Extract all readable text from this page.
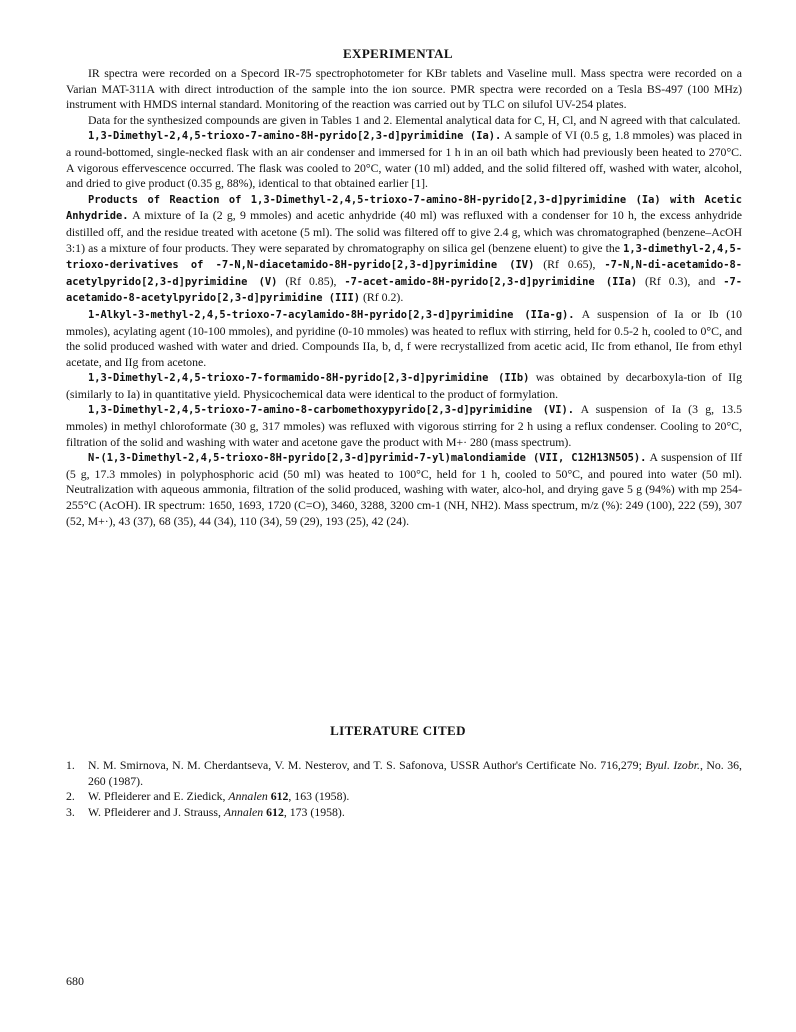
EXPERIMENTAL

IR spectra were recorded on a Specord IR-75 spectrophotometer for KBr tablets and Vaseline mull. Mass spectra were recorded on a Varian MAT-311A with direct introduction of the sample into the ion source. PMR spectra were recorded on a Tesla BS-497 (100 MHz) instrument with HMDS internal standard. Monitoring of the reaction was carried out by TLC on silufol UV-254 plates.

Data for the synthesized compounds are given in Tables 1 and 2. Elemental analytical data for C, H, Cl, and N agreed with that calculated.

1,3-Dimethyl-2,4,5-trioxo-7-amino-8H-pyrido[2,3-d]pyrimidine (Ia). A sample of VI (0.5 g, 1.8 mmoles) was placed in a round-bottomed, single-necked flask with an air condenser and immersed for 1 h in an oil bath which had previously been heated to 270°C. A vigorous effervescence occurred. The flask was cooled to 20°C, water (10 ml) added, and the solid filtered off, washed with water, alcohol, and dried to give product (0.35 g, 88%), identical to that obtained earlier [1].

Products of Reaction of 1,3-Dimethyl-2,4,5-trioxo-7-amino-8H-pyrido[2,3-d]pyrimidine (Ia) with Acetic Anhydride. A mixture of Ia (2 g, 9 mmoles) and acetic anhydride (40 ml) was refluxed with a condenser for 10 h, the excess anhydride distilled off, and the residue treated with acetone (5 ml). The solid was filtered off to give 2.4 g, which was chromatographed (benzene–AcOH 3:1) as a mixture of four products. They were separated by chromatography on silica gel (benzene eluent) to give the 1,3-dimethyl-2,4,5-trioxo-derivatives of -7-N,N-diacetamido-8H-pyrido[2,3-d]pyrimidine (IV) (Rf 0.65), -7-N,N-di-acetamido-8-acetylpyrido[2,3-d]pyrimidine (V) (Rf 0.85), -7-acet-amido-8H-pyrido[2,3-d]pyrimidine (IIa) (Rf 0.3), and -7-acetamido-8-acetylpyrido[2,3-d]pyrimidine (III) (Rf 0.2).

1-Alkyl-3-methyl-2,4,5-trioxo-7-acylamido-8H-pyrido[2,3-d]pyrimidine (IIa-g). A suspension of Ia or Ib (10 mmoles), acylating agent (10-100 mmoles), and pyridine (0-10 mmoles) was heated to reflux with stirring, held for 0.5-2 h, cooled to 0°C, and the solid produced washed with water and dried. Compounds IIa, b, d, f were recrystallized from acetic acid, IIc from ethanol, IIe from ethyl acetate, and IIg from acetone.

1,3-Dimethyl-2,4,5-trioxo-7-formamido-8H-pyrido[2,3-d]pyrimidine (IIb) was obtained by decarboxyla-tion of IIg (similarly to Ia) in quantitative yield. Physicochemical data were identical to the product of formylation.

1,3-Dimethyl-2,4,5-trioxo-7-amino-8-carbomethoxypyrido[2,3-d]pyrimidine (VI). A suspension of Ia (3 g, 13.5 mmoles) in methyl chloroformate (30 g, 317 mmoles) was refluxed with vigorous stirring for 2 h using a reflux condenser. Cooling to 20°C, filtration of the solid and washing with water and acetone gave the product with M+· 280 (mass spectrum).

N-(1,3-Dimethyl-2,4,5-trioxo-8H-pyrido[2,3-d]pyrimid-7-yl)malondiamide (VII, C12H13N5O5). A suspension of IIf (5 g, 17.3 mmoles) in polyphosphoric acid (50 ml) was heated to 100°C, held for 1 h, cooled to 50°C, and poured into water (50 ml). Neutralization with aqueous ammonia, filtration of the solid produced, washing with water, alco-hol, and drying gave 5 g (94%) with mp 254-255°C (AcOH). IR spectrum: 1650, 1693, 1720 (C=O), 3460, 3288, 3200 cm-1 (NH, NH2). Mass spectrum, m/z (%): 249 (100), 222 (59), 307 (52, M+·), 43 (37), 68 (35), 44 (34), 110 (34), 59 (29), 193 (25), 42 (24).

LITERATURE CITED
1. N. M. Smirnova, N. M. Cherdantseva, V. M. Nesterov, and T. S. Safonova, USSR Author's Certificate No. 716,279; Byul. Izobr., No. 36, 260 (1987).
2. W. Pfleiderer and E. Ziedick, Annalen 612, 163 (1958).
3. W. Pfleiderer and J. Strauss, Annalen 612, 173 (1958).
680
